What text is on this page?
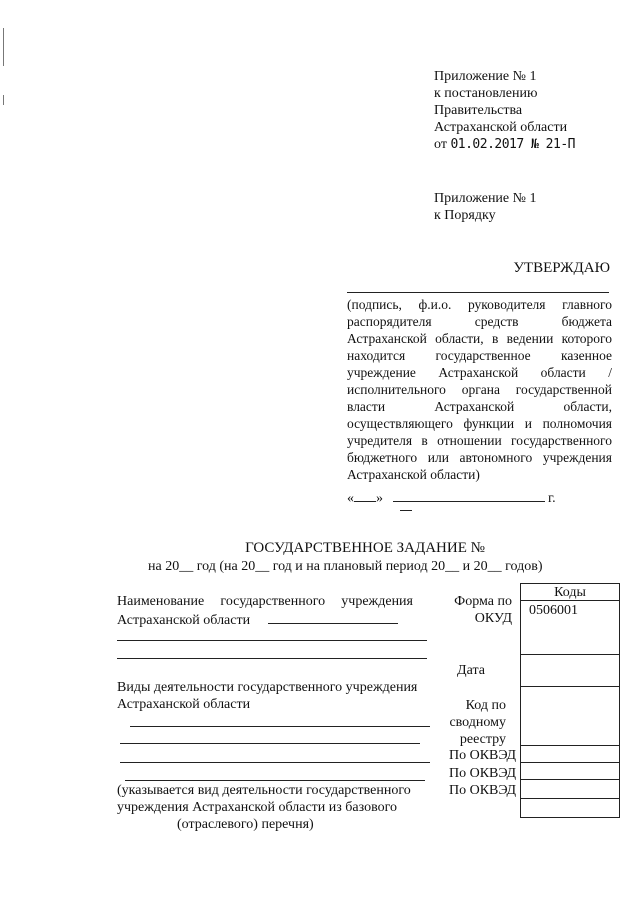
Приложение № 1
к постановлению
Правительства
Астраханской области
от 01.02.2017 № 21-П
Приложение № 1
к Порядку
УТВЕРЖДАЮ
(подпись, ф.и.о. руководителя главного распорядителя средств бюджета Астраханской области, в ведении которого находится государственное казенное учреждение Астраханской области /исполнительного органа государственной власти Астраханской области, осуществляющего функции и полномочия учредителя в отношении государственного бюджетного или автономного учреждения Астраханской области)
« »	г.
ГОСУДАРСТВЕННОЕ ЗАДАНИЕ №
на 20__ год (на 20__ год и на плановый период 20__ и 20__ годов)
Коды
0506001
Форма по
ОКУД
Дата
Код по
сводному
реестру
По ОКВЭД
По ОКВЭД
По ОКВЭД
Наименование государственного учреждения
Астраханской области
Виды деятельности государственного учреждения
Астраханской области
(указывается вид деятельности государственного
учреждения Астраханской области из базового
(отраслевого) перечня)
